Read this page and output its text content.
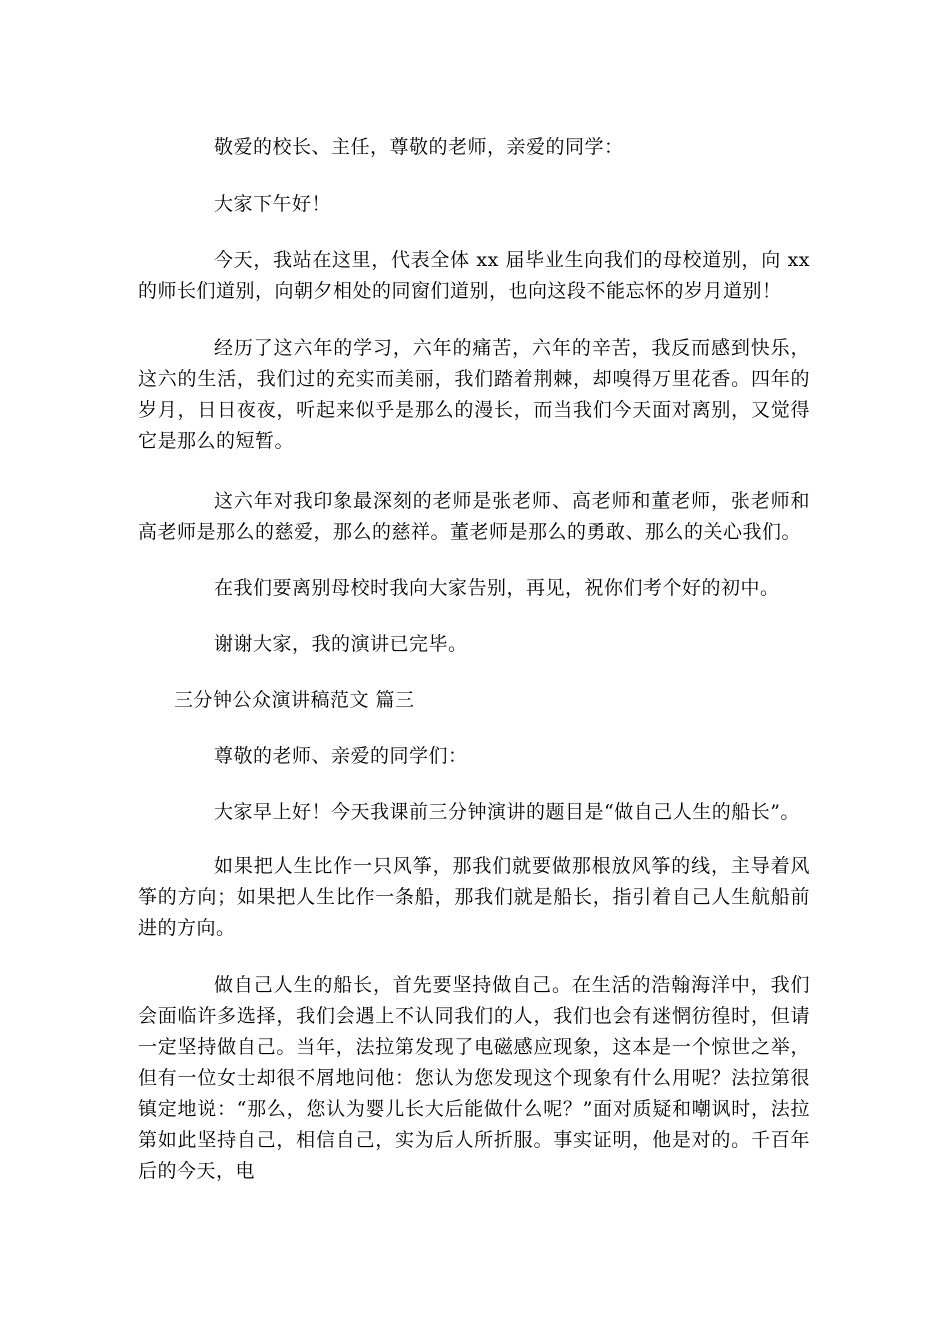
敬爱的校长、主任，尊敬的老师，亲爱的同学：

大家下午好！

今天，我站在这里，代表全体 xx 届毕业生向我们的母校道别，向 xx 的师长们道别，向朝夕相处的同窗们道别，也向这段不能忘怀的岁月道别！

经历了这六年的学习，六年的痛苦，六年的辛苦，我反而感到快乐，这六的生活，我们过的充实而美丽，我们踏着荆棘，却嗅得万里花香。四年的岁月，日日夜夜，听起来似乎是那么的漫长，而当我们今天面对离别，又觉得它是那么的短暂。

这六年对我印象最深刻的老师是张老师、高老师和董老师，张老师和高老师是那么的慈爱，那么的慈祥。董老师是那么的勇敢、那么的关心我们。

在我们要离别母校时我向大家告别，再见，祝你们考个好的初中。

谢谢大家，我的演讲已完毕。

三分钟公众演讲稿范文 篇三

尊敬的老师、亲爱的同学们：

大家早上好！今天我课前三分钟演讲的题目是“做自己人生的船长”。

如果把人生比作一只风筝，那我们就要做那根放风筝的线，主导着风筝的方向；如果把人生比作一条船，那我们就是船长，指引着自己人生航船前进的方向。

做自己人生的船长，首先要坚持做自己。在生活的浩翰海洋中，我们会面临许多选择，我们会遇上不认同我们的人，我们也会有迷惘彷徨时，但请一定坚持做自己。当年，法拉第发现了电磁感应现象，这本是一个惊世之举，但有一位女士却很不屑地问他：您认为您发现这个现象有什么用呢？法拉第很镇定地说：“那么，您认为婴儿长大后能做什么呢？”面对质疑和嘲讽时，法拉第如此坚持自己，相信自己，实为后人所折服。事实证明，他是对的。千百年后的今天，电
